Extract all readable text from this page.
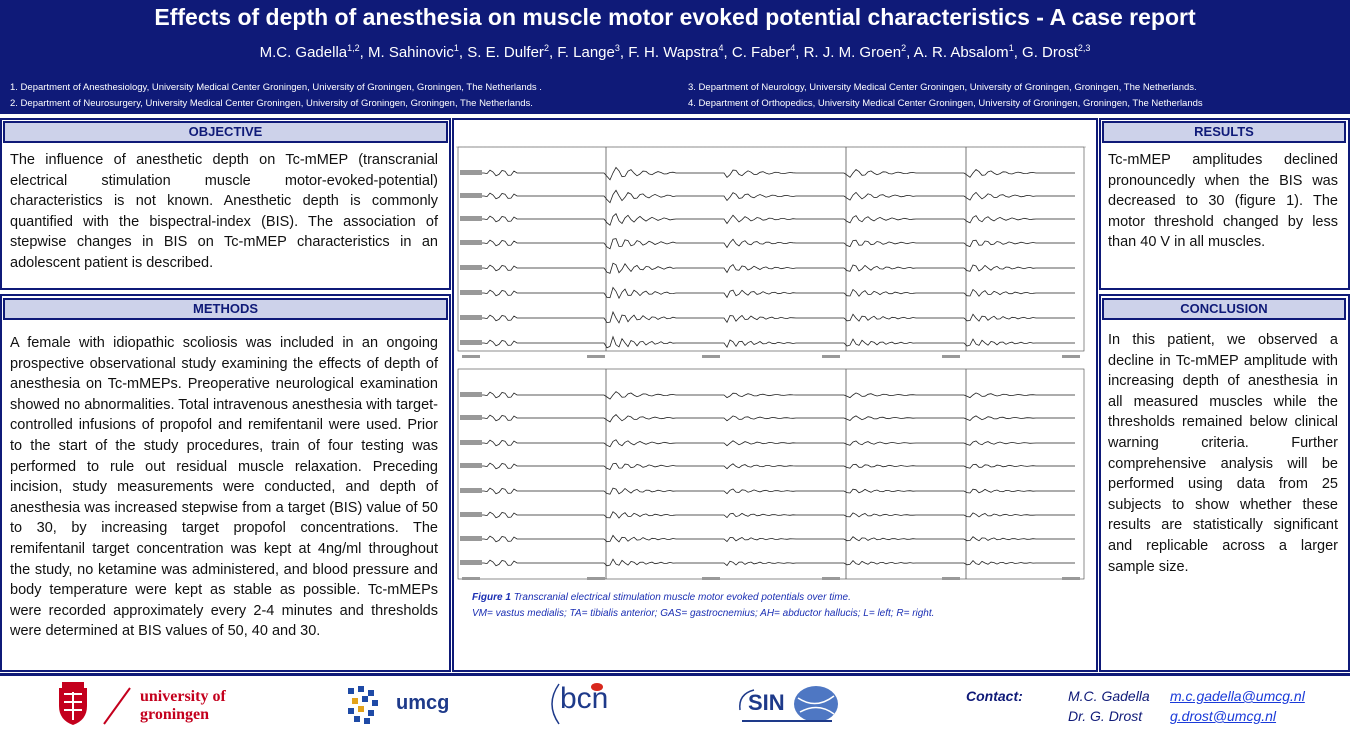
Effects of depth of anesthesia on muscle motor evoked potential characteristics - A case report
M.C. Gadella$^{1,2}$, M. Sahinovic$^1$, S. E. Dulfer$^2$, F. Lange$^3$, F. H. Wapstra$^4$, C. Faber$^4$, R. J. M. Groen$^2$, A. R. Absalom$^1$, G. Drost$^{2,3}$
1. Department of Anesthesiology, University Medical Center Groningen, University of Groningen, Groningen, The Netherlands .
2. Department of Neurosurgery, University Medical Center Groningen, University of Groningen, Groningen, The Netherlands.
3. Department of Neurology, University Medical Center Groningen, University of Groningen, Groningen, The Netherlands.
4. Department of Orthopedics, University Medical Center Groningen, University of Groningen, Groningen, The Netherlands
OBJECTIVE
The influence of anesthetic depth on Tc-mMEP (transcranial electrical stimulation muscle motor-evoked-potential) characteristics is not known. Anesthetic depth is commonly quantified with the bispectral-index (BIS). The association of stepwise changes in BIS on Tc-mMEP characteristics in an adolescent patient is described.
METHODS
A female with idiopathic scoliosis was included in an ongoing prospective observational study examining the effects of depth of anesthesia on Tc-mMEPs. Preoperative neurological examination showed no abnormalities. Total intravenous anesthesia with target-controlled infusions of propofol and remifentanil were used. Prior to the start of the study procedures, train of four testing was performed to rule out residual muscle relaxation. Preceding incision, study measurements were conducted, and depth of anesthesia was increased stepwise from a target (BIS) value of 50 to 30, by increasing target propofol concentrations. The remifentanil target concentration was kept at 4ng/ml throughout the study, no ketamine was administered, and blood pressure and body temperature were kept as stable as possible. Tc-mMEPs were recorded approximately every 2-4 minutes and thresholds were determined at BIS values of 50, 40 and 30.
Figure 1 Transcranial electrical stimulation muscle motor evoked potentials over time.
VM= vastus medialis; TA= tibialis anterior; GAS= gastrocnemius; AH= abductor hallucis; L= left; R= right.
RESULTS
Tc-mMEP amplitudes declined pronouncedly when the BIS was decreased to 30 (figure 1). The motor threshold changed by less than 40 V in all muscles.
CONCLUSION
In this patient, we observed a decline in Tc-mMEP amplitude with increasing depth of anesthesia in all measured muscles while the thresholds remained below clinical warning criteria. Further comprehensive analysis will be performed using data from 25 subjects to show whether these results are statistically significant and replicable across a larger sample size.
university of
groningen
umcg	bcn	SIN	Contact:	M.C. Gadella m.c.gadella@umcg.nl
Dr. G. Drost g.drost@umcg.nl
